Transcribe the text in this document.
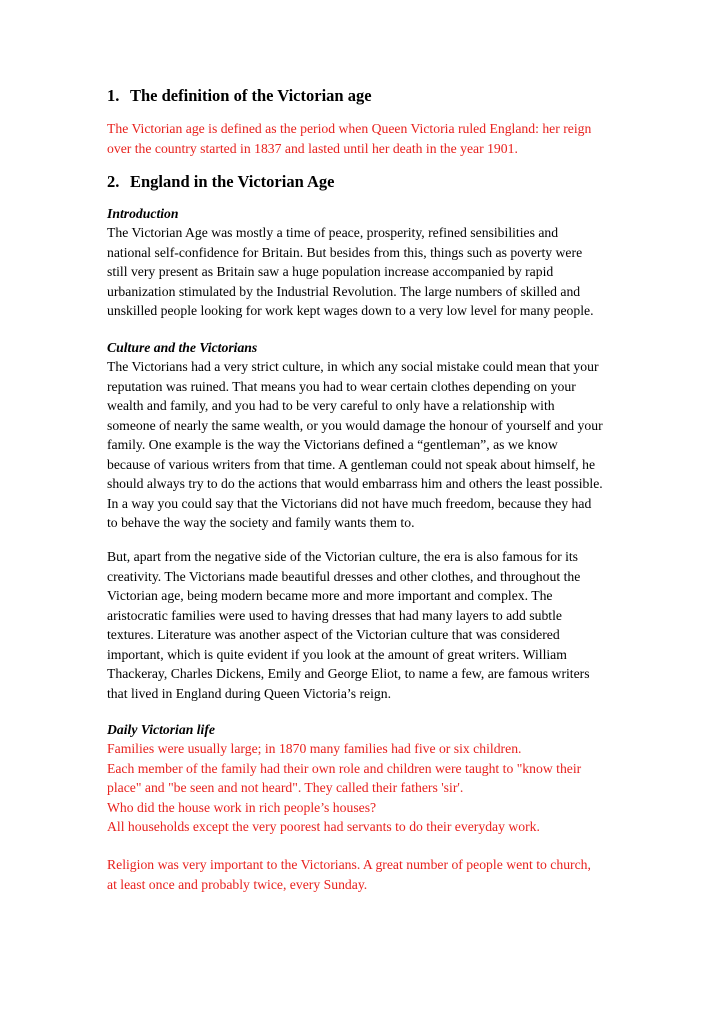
1. The definition of the Victorian age
The Victorian age is defined as the period when Queen Victoria ruled England: her reign
over the country started in 1837 and lasted until her death in the year 1901.
2. England in the Victorian Age
Introduction
The Victorian Age was mostly a time of peace, prosperity, refined sensibilities and
national self-confidence for Britain. But besides from this, things such as poverty were
still very present as Britain saw a huge population increase accompanied by rapid
urbanization stimulated by the Industrial Revolution. The large numbers of skilled and
unskilled people looking for work kept wages down to a very low level for many people.
Culture and the Victorians
The Victorians had a very strict culture, in which any social mistake could mean that your
reputation was ruined. That means you had to wear certain clothes depending on your
wealth and family, and you had to be very careful to only have a relationship with
someone of nearly the same wealth, or you would damage the honour of yourself and your
family. One example is the way the Victorians defined a “gentleman”, as we know
because of various writers from that time. A gentleman could not speak about himself, he
should always try to do the actions that would embarrass him and others the least possible.
In a way you could say that the Victorians did not have much freedom, because they had
to behave the way the society and family wants them to.
But, apart from the negative side of the Victorian culture, the era is also famous for its
creativity. The Victorians made beautiful dresses and other clothes, and throughout the
Victorian age, being modern became more and more important and complex. The
aristocratic families were used to having dresses that had many layers to add subtle
textures. Literature was another aspect of the Victorian culture that was considered
important, which is quite evident if you look at the amount of great writers. William
Thackeray, Charles Dickens, Emily and George Eliot, to name a few, are famous writers
that lived in England during Queen Victoria’s reign.
Daily Victorian life
Families were usually large; in 1870 many families had five or six children.
Each member of the family had their own role and children were taught to "know their
place" and "be seen and not heard". They called their fathers 'sir'.
Who did the house work in rich people’s houses?
All households except the very poorest had servants to do their everyday work.
Religion was very important to the Victorians. A great number of people went to church,
at least once and probably twice, every Sunday.
